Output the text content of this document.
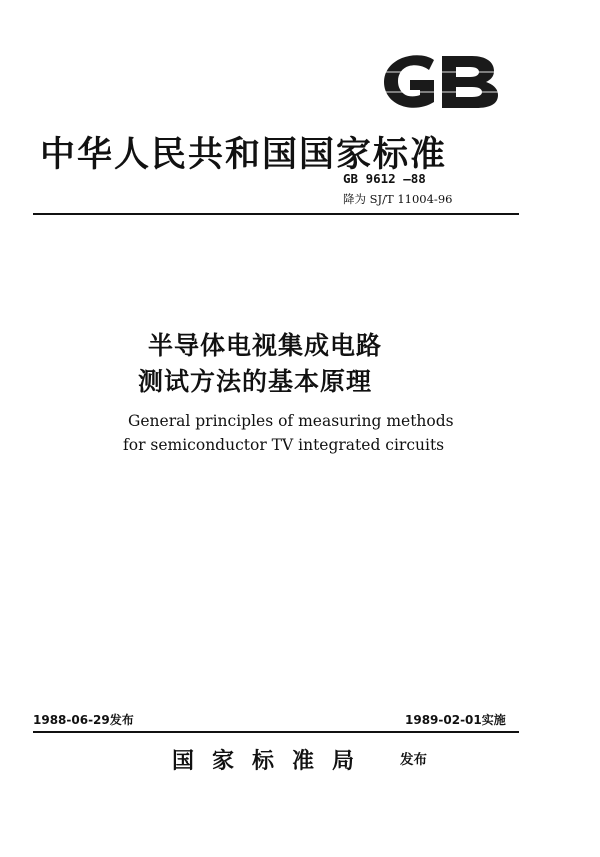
中华人民共和国国家标准
GB 9612 —88
降为 SJ/T 11004-96
半导体电视集成电路
测试方法的基本原理
General principles of measuring methods
for semiconductor TV integrated circuits
1988-06-29发布	1989-02-01实施
国家标准局 发布
